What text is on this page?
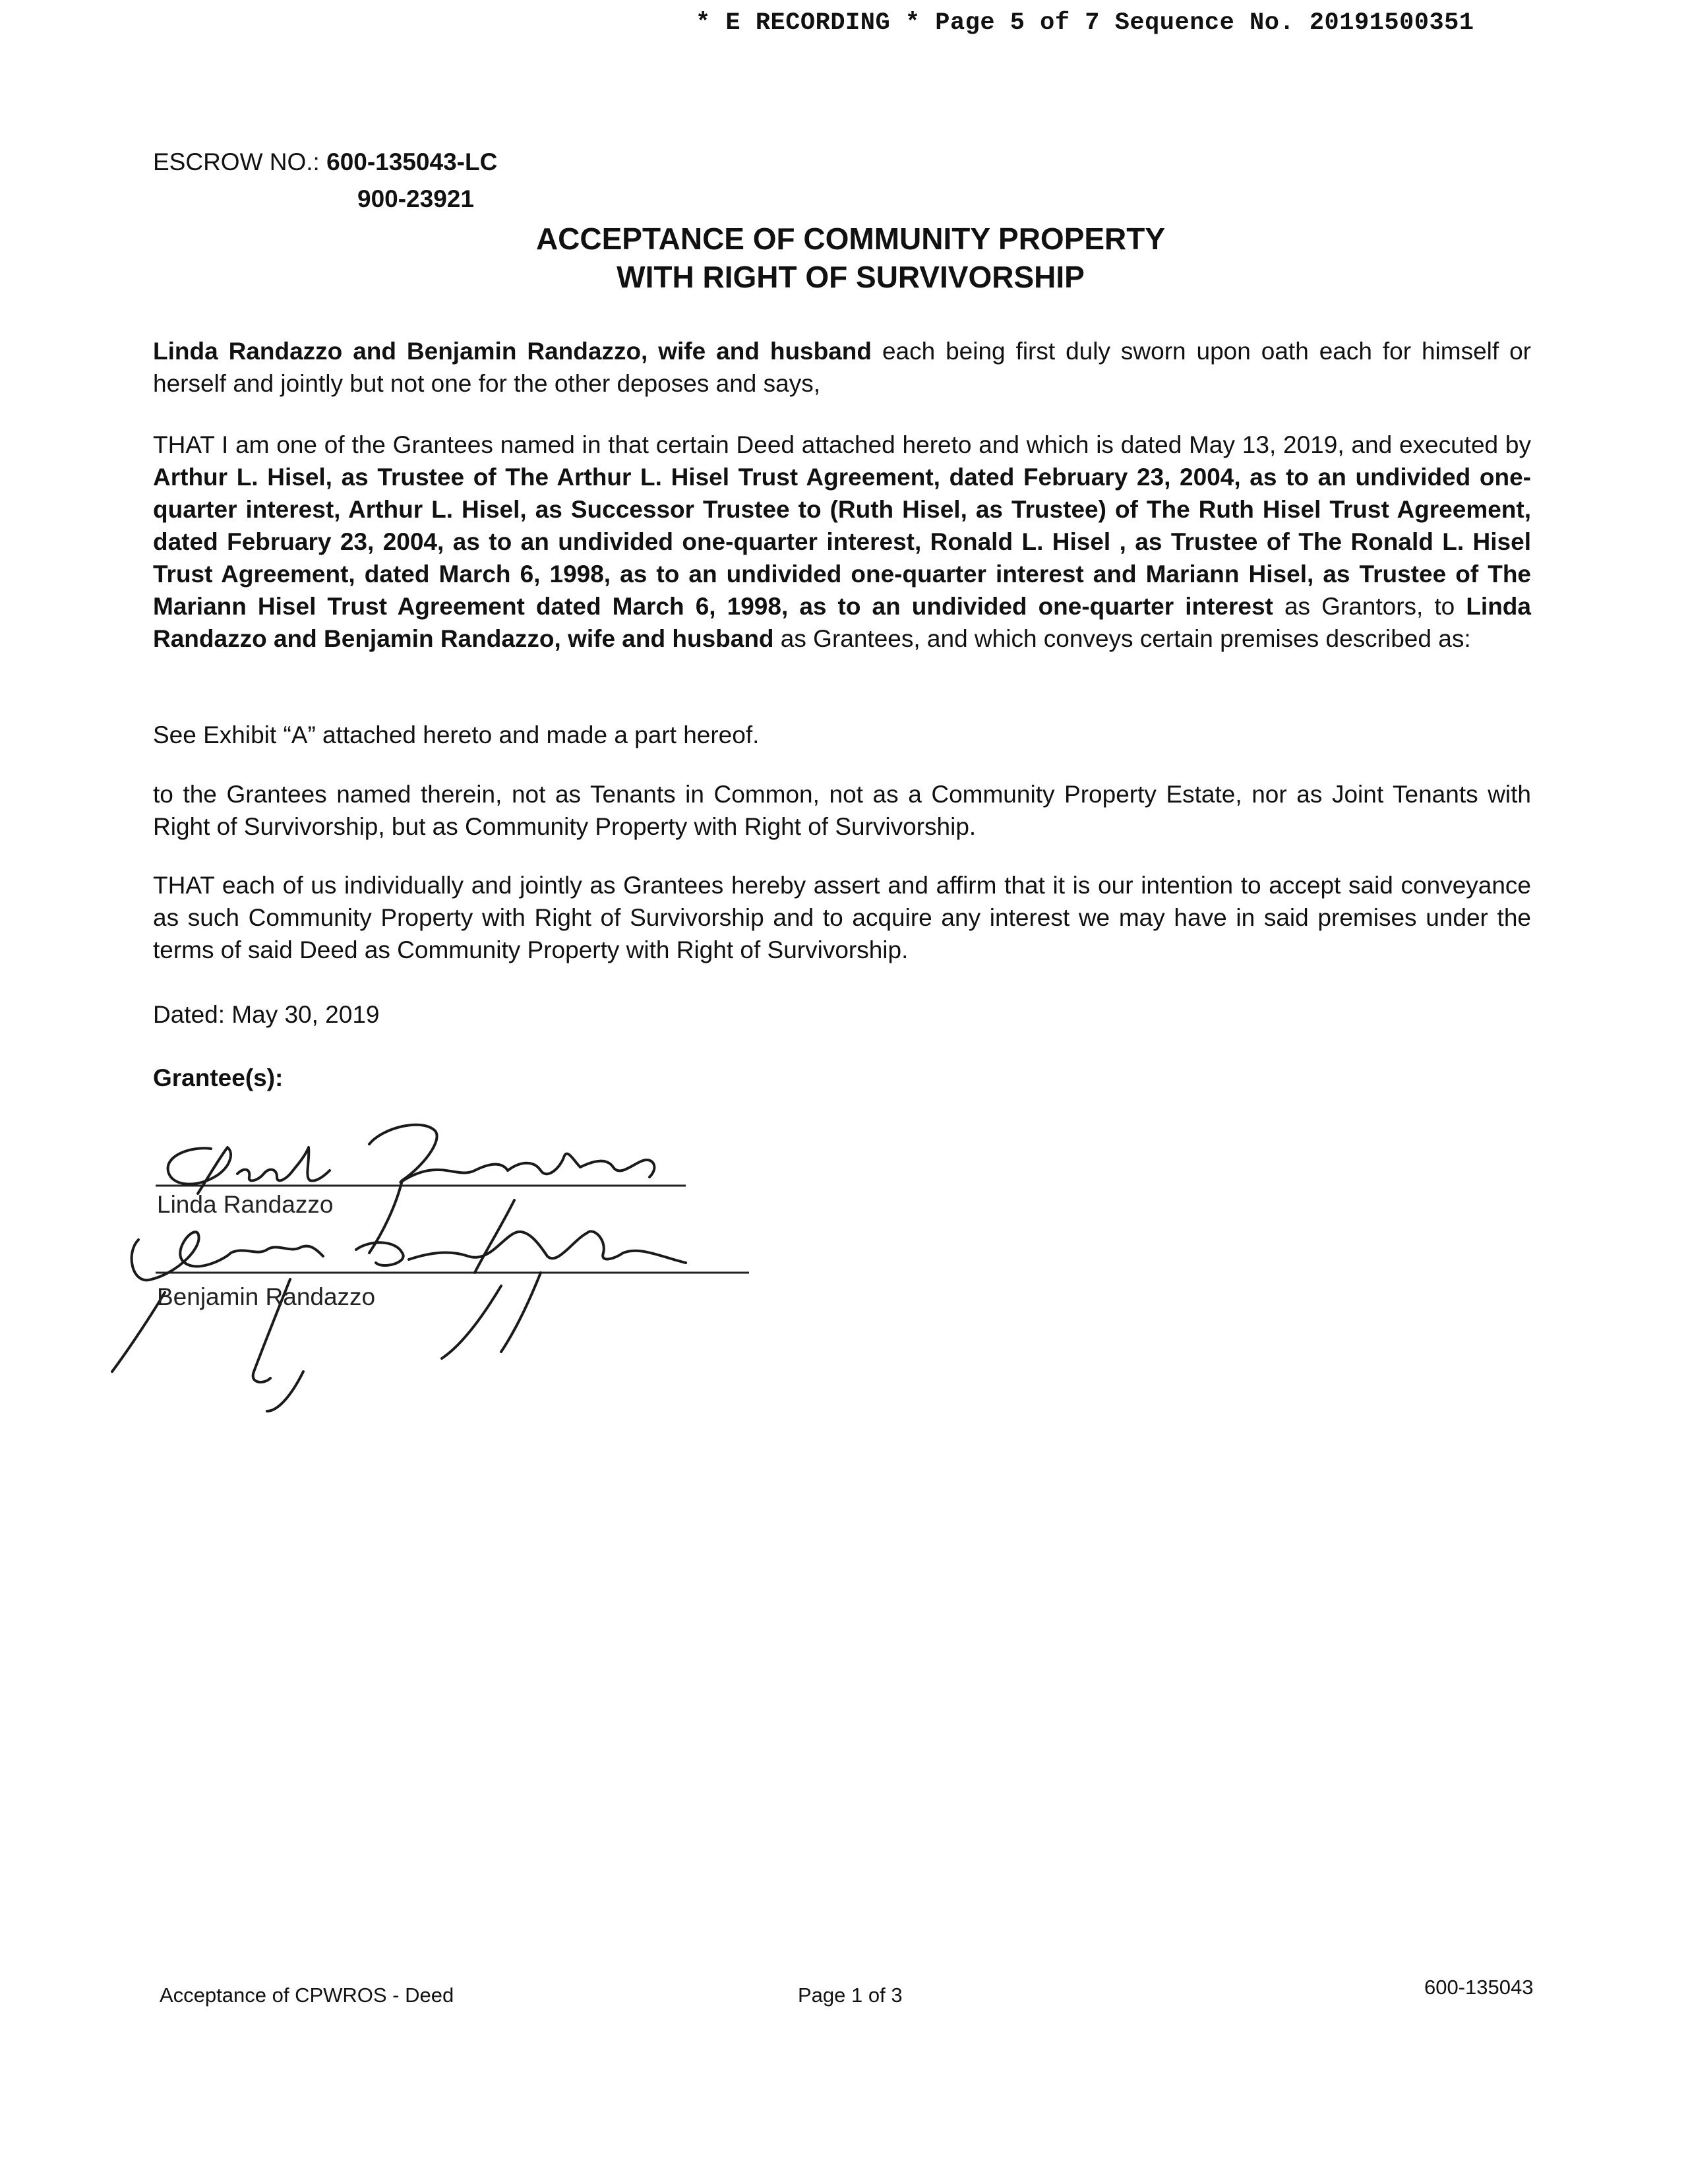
* E RECORDING * Page 5 of 7 Sequence No. 20191500351
ESCROW NO.: 600-135043-LC
900-23921
ACCEPTANCE OF COMMUNITY PROPERTY
WITH RIGHT OF SURVIVORSHIP
Linda Randazzo and Benjamin Randazzo, wife and husband each being first duly sworn upon oath each for himself or herself and jointly but not one for the other deposes and says,
THAT I am one of the Grantees named in that certain Deed attached hereto and which is dated May 13, 2019, and executed by Arthur L. Hisel, as Trustee of The Arthur L. Hisel Trust Agreement, dated February 23, 2004, as to an undivided one-quarter interest, Arthur L. Hisel, as Successor Trustee to (Ruth Hisel, as Trustee) of The Ruth Hisel Trust Agreement, dated February 23, 2004, as to an undivided one-quarter interest, Ronald L. Hisel , as Trustee of The Ronald L. Hisel Trust Agreement, dated March 6, 1998, as to an undivided one-quarter interest and Mariann Hisel, as Trustee of The Mariann Hisel Trust Agreement dated March 6, 1998, as to an undivided one-quarter interest as Grantors, to Linda Randazzo and Benjamin Randazzo, wife and husband as Grantees, and which conveys certain premises described as:
See Exhibit “A” attached hereto and made a part hereof.
to the Grantees named therein, not as Tenants in Common, not as a Community Property Estate, nor as Joint Tenants with Right of Survivorship, but as Community Property with Right of Survivorship.
THAT each of us individually and jointly as Grantees hereby assert and affirm that it is our intention to accept said conveyance as such Community Property with Right of Survivorship and to acquire any interest we may have in said premises under the terms of said Deed as Community Property with Right of Survivorship.
Dated: May 30, 2019
Grantee(s):
Linda Randazzo
Benjamin Randazzo
Acceptance of CPWROS - Deed	Page 1 of 3	600-135043
